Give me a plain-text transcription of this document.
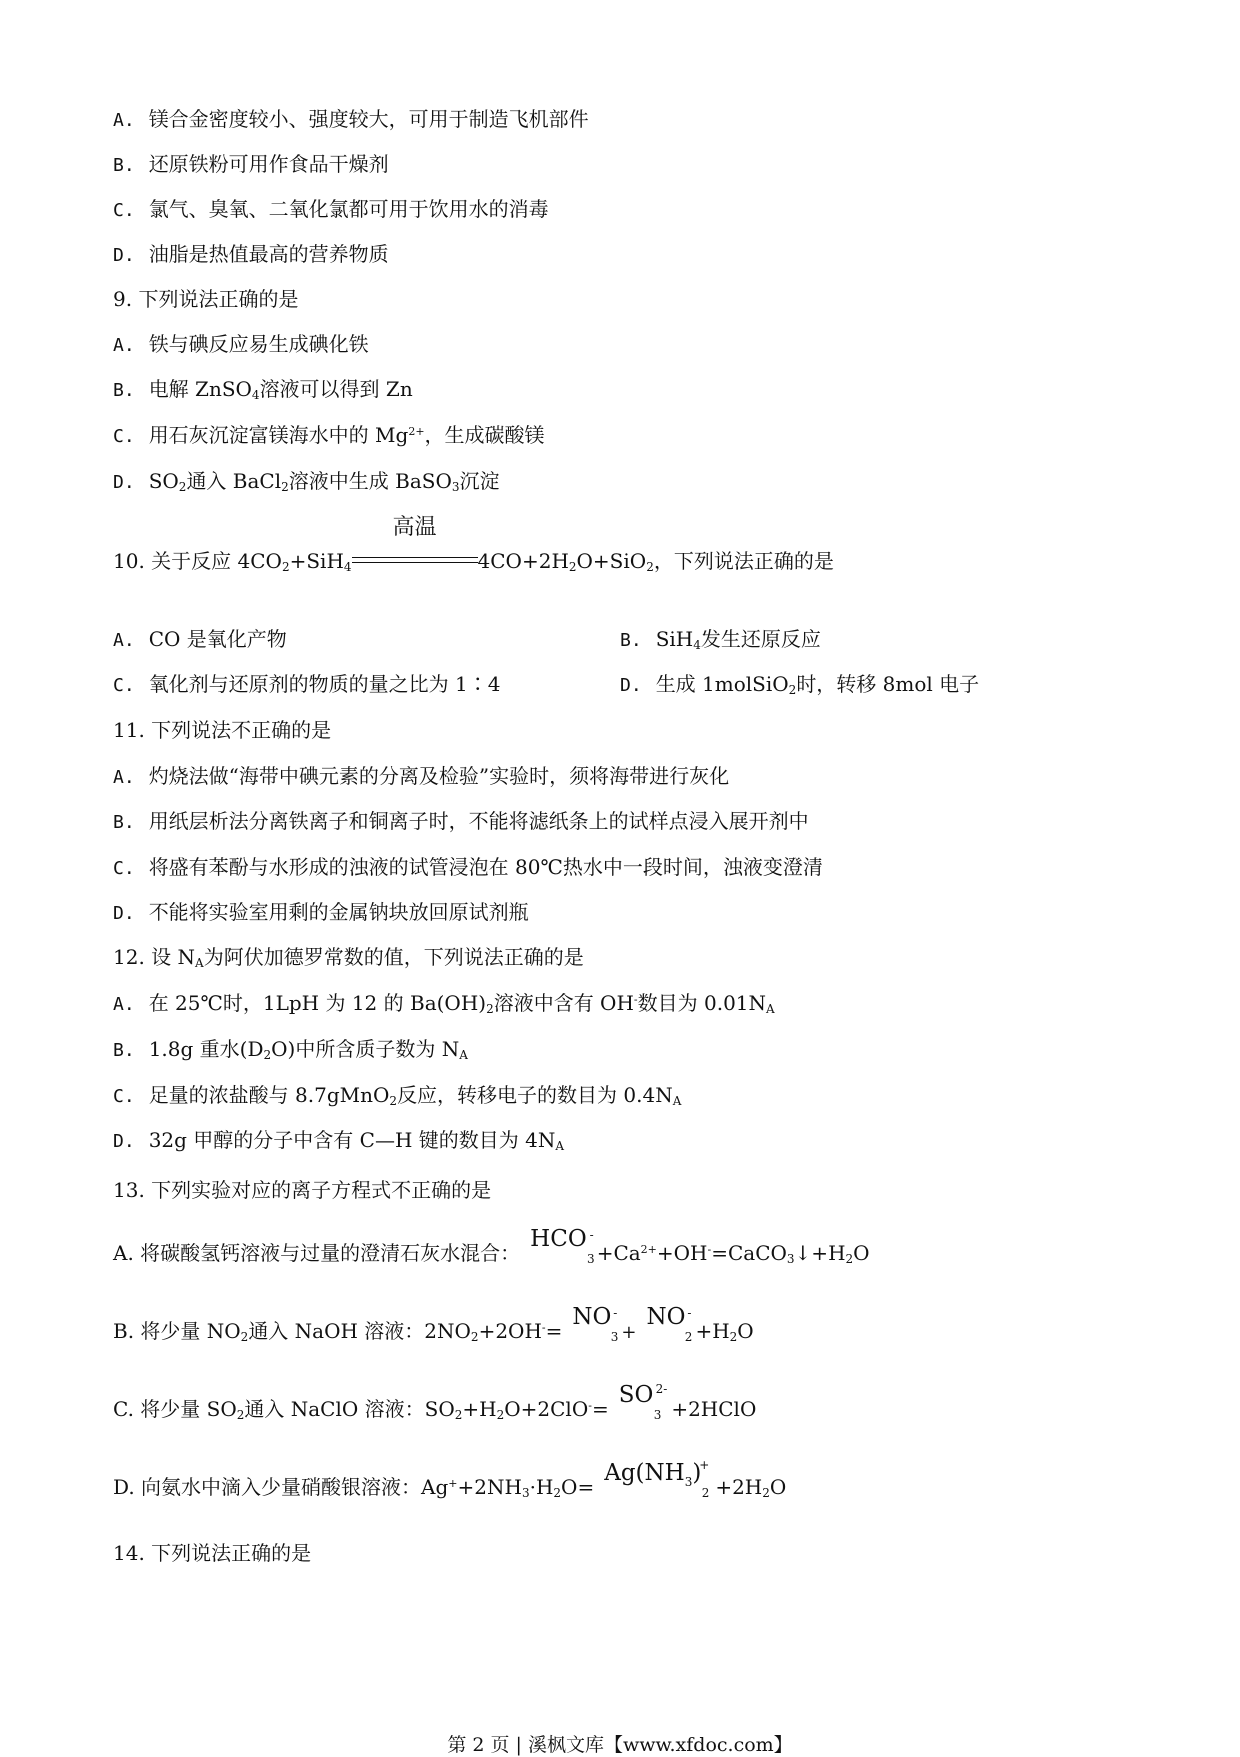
A. 镁合金密度较小、强度较大，可用于制造飞机部件
B. 还原铁粉可用作食品干燥剂
C. 氯气、臭氧、二氧化氯都可用于饮用水的消毒
D. 油脂是热值最高的营养物质
9. 下列说法正确的是
A. 铁与碘反应易生成碘化铁
B. 电解 ZnSO$_4$溶液可以得到 Zn
C. 用石灰沉淀富镁海水中的 $Mg^{2+}$，生成碳酸镁
D. $SO_2$通入 BaCl$_2$溶液中生成 BaSO$_3$沉淀
10. 关于反应 $4CO_2+SiH_4$
高温
$4CO+2H_2O+SiO_2$，下列说法正确的是
A. CO 是氧化产物	B. SiH$_4$发生还原反应
C. 氧化剂与还原剂的物质的量之比为 1∶4	D. 生成 1molSiO$_2$时，转移 8mol 电子
11. 下列说法不正确的是
A. 灼烧法做“海带中碘元素的分离及检验”实验时，须将海带进行灰化
B. 用纸层析法分离铁离子和铜离子时，不能将滤纸条上的试样点浸入展开剂中
C. 将盛有苯酚与水形成的浊液的试管浸泡在 80℃热水中一段时间，浊液变澄清
D. 不能将实验室用剩的金属钠块放回原试剂瓶
12. 设 $N_A$为阿伏加德罗常数的值，下列说法正确的是
A. 在 25℃时，1LpH 为 12 的 $Ba(OH)_2$溶液中含有 OH-数目为 $0.01N_A$
B. 1.8g 重水$(D_2O)$中所含质子数为 $N_A$
C. 足量的浓盐酸与 8.7gMnO$_2$反应，转移电子的数目为 $0.4N_A$
D. 32g 甲醇的分子中含有 C—H 键的数目为 $4N_A$
13. 下列实验对应的离子方程式不正确的是
A. 将碳酸氢钙溶液与过量的澄清石灰水混合：HCO -
$3 +Ca^{2+}+OH^-=CaCO_3↓+H_2O$
B. 将少量 $NO_2$通入 NaOH 溶液：$2NO_2+2OH^-=NO$ -
3 +NO -
$2 +H_2O$
C. 将少量 $SO_2$通入 NaClO 溶液：$SO_2+H_2O+2ClO^-=SO$ 2-
3 +2HClO
D. 向氨水中滴入少量硝酸银溶液：$Ag^++2NH_3\cdot H_2O=Ag(NH_3)$
+
$2 +2H_2O$
14. 下列说法正确的是
第 2 页 | 溪枫文库【www.xfdoc.com】
